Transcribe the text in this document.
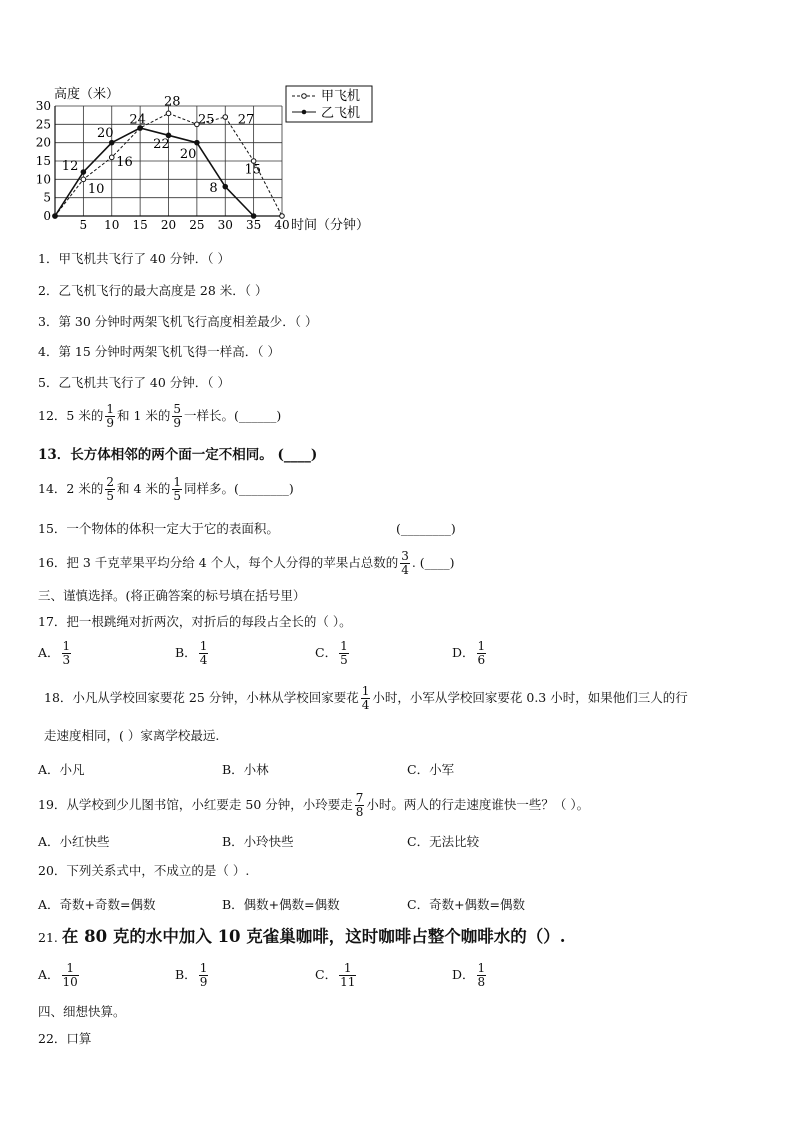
5 10 15 20 25 30 35 40
0
5
10
15
20
25
30
12
10
20
16
24
22
28
20
25 27
8
15
高度（米）
时间（分钟）
甲飞机
乙飞机
1．甲飞机共飞行了 40 分钟．（ ）
2．乙飞机飞行的最大高度是 28 米．（ ）
3．第 30 分钟时两架飞机飞行高度相差最少．（ ）
4．第 15 分钟时两架飞机飞得一样高．（ ）
5．乙飞机共飞行了 40 分钟．（ ）
12．5 米的 $\frac{1}{9}$ 和 1 米的 $\frac{5}{9}$ 一样长。(______)
13．长方体相邻的两个面一定不相同。 (____)
14．2 米的 $\frac{2}{5}$ 和 4 米的 $\frac{1}{5}$ 同样多。(________)
15．一个物体的体积一定大于它的表面积。	(________)
16．把 3 千克苹果平均分给 4 个人，每个人分得的苹果占总数的 $\frac{3}{4}$ . (____)
三、谨慎选择。(将正确答案的标号填在括号里）
17．把一根跳绳对折两次，对折后的每段占全长的（ ）。
A． $\frac{1}{3}$	B． $\frac{1}{4}$	C． $\frac{1}{5}$	D． $\frac{1}{6}$
18．小凡从学校回家要花 25 分钟，小林从学校回家要花 $\frac{1}{4}$ 小时，小军从学校回家要花 0.3 小时，如果他们三人的行
走速度相同，( ）家离学校最远.
A．小凡	B．小林	C．小军
19．从学校到少儿图书馆，小红要走 50 分钟，小玲要走 $\frac{7}{8}$ 小时。两人的行走速度谁快一些？（ ）。
A．小红快些	B．小玲快些	C．无法比较
20．下列关系式中，不成立的是（ ）.
A．奇数+奇数=偶数	B．偶数+偶数=偶数	C．奇数+偶数=偶数
21. 在 80 克的水中加入 10 克雀巢咖啡，这时咖啡占整个咖啡水的（）.
A． $\frac{1}{10}$	B． $\frac{1}{9}$	C． $\frac{1}{11}$	D． $\frac{1}{8}$
四、细想快算。
22．口算
